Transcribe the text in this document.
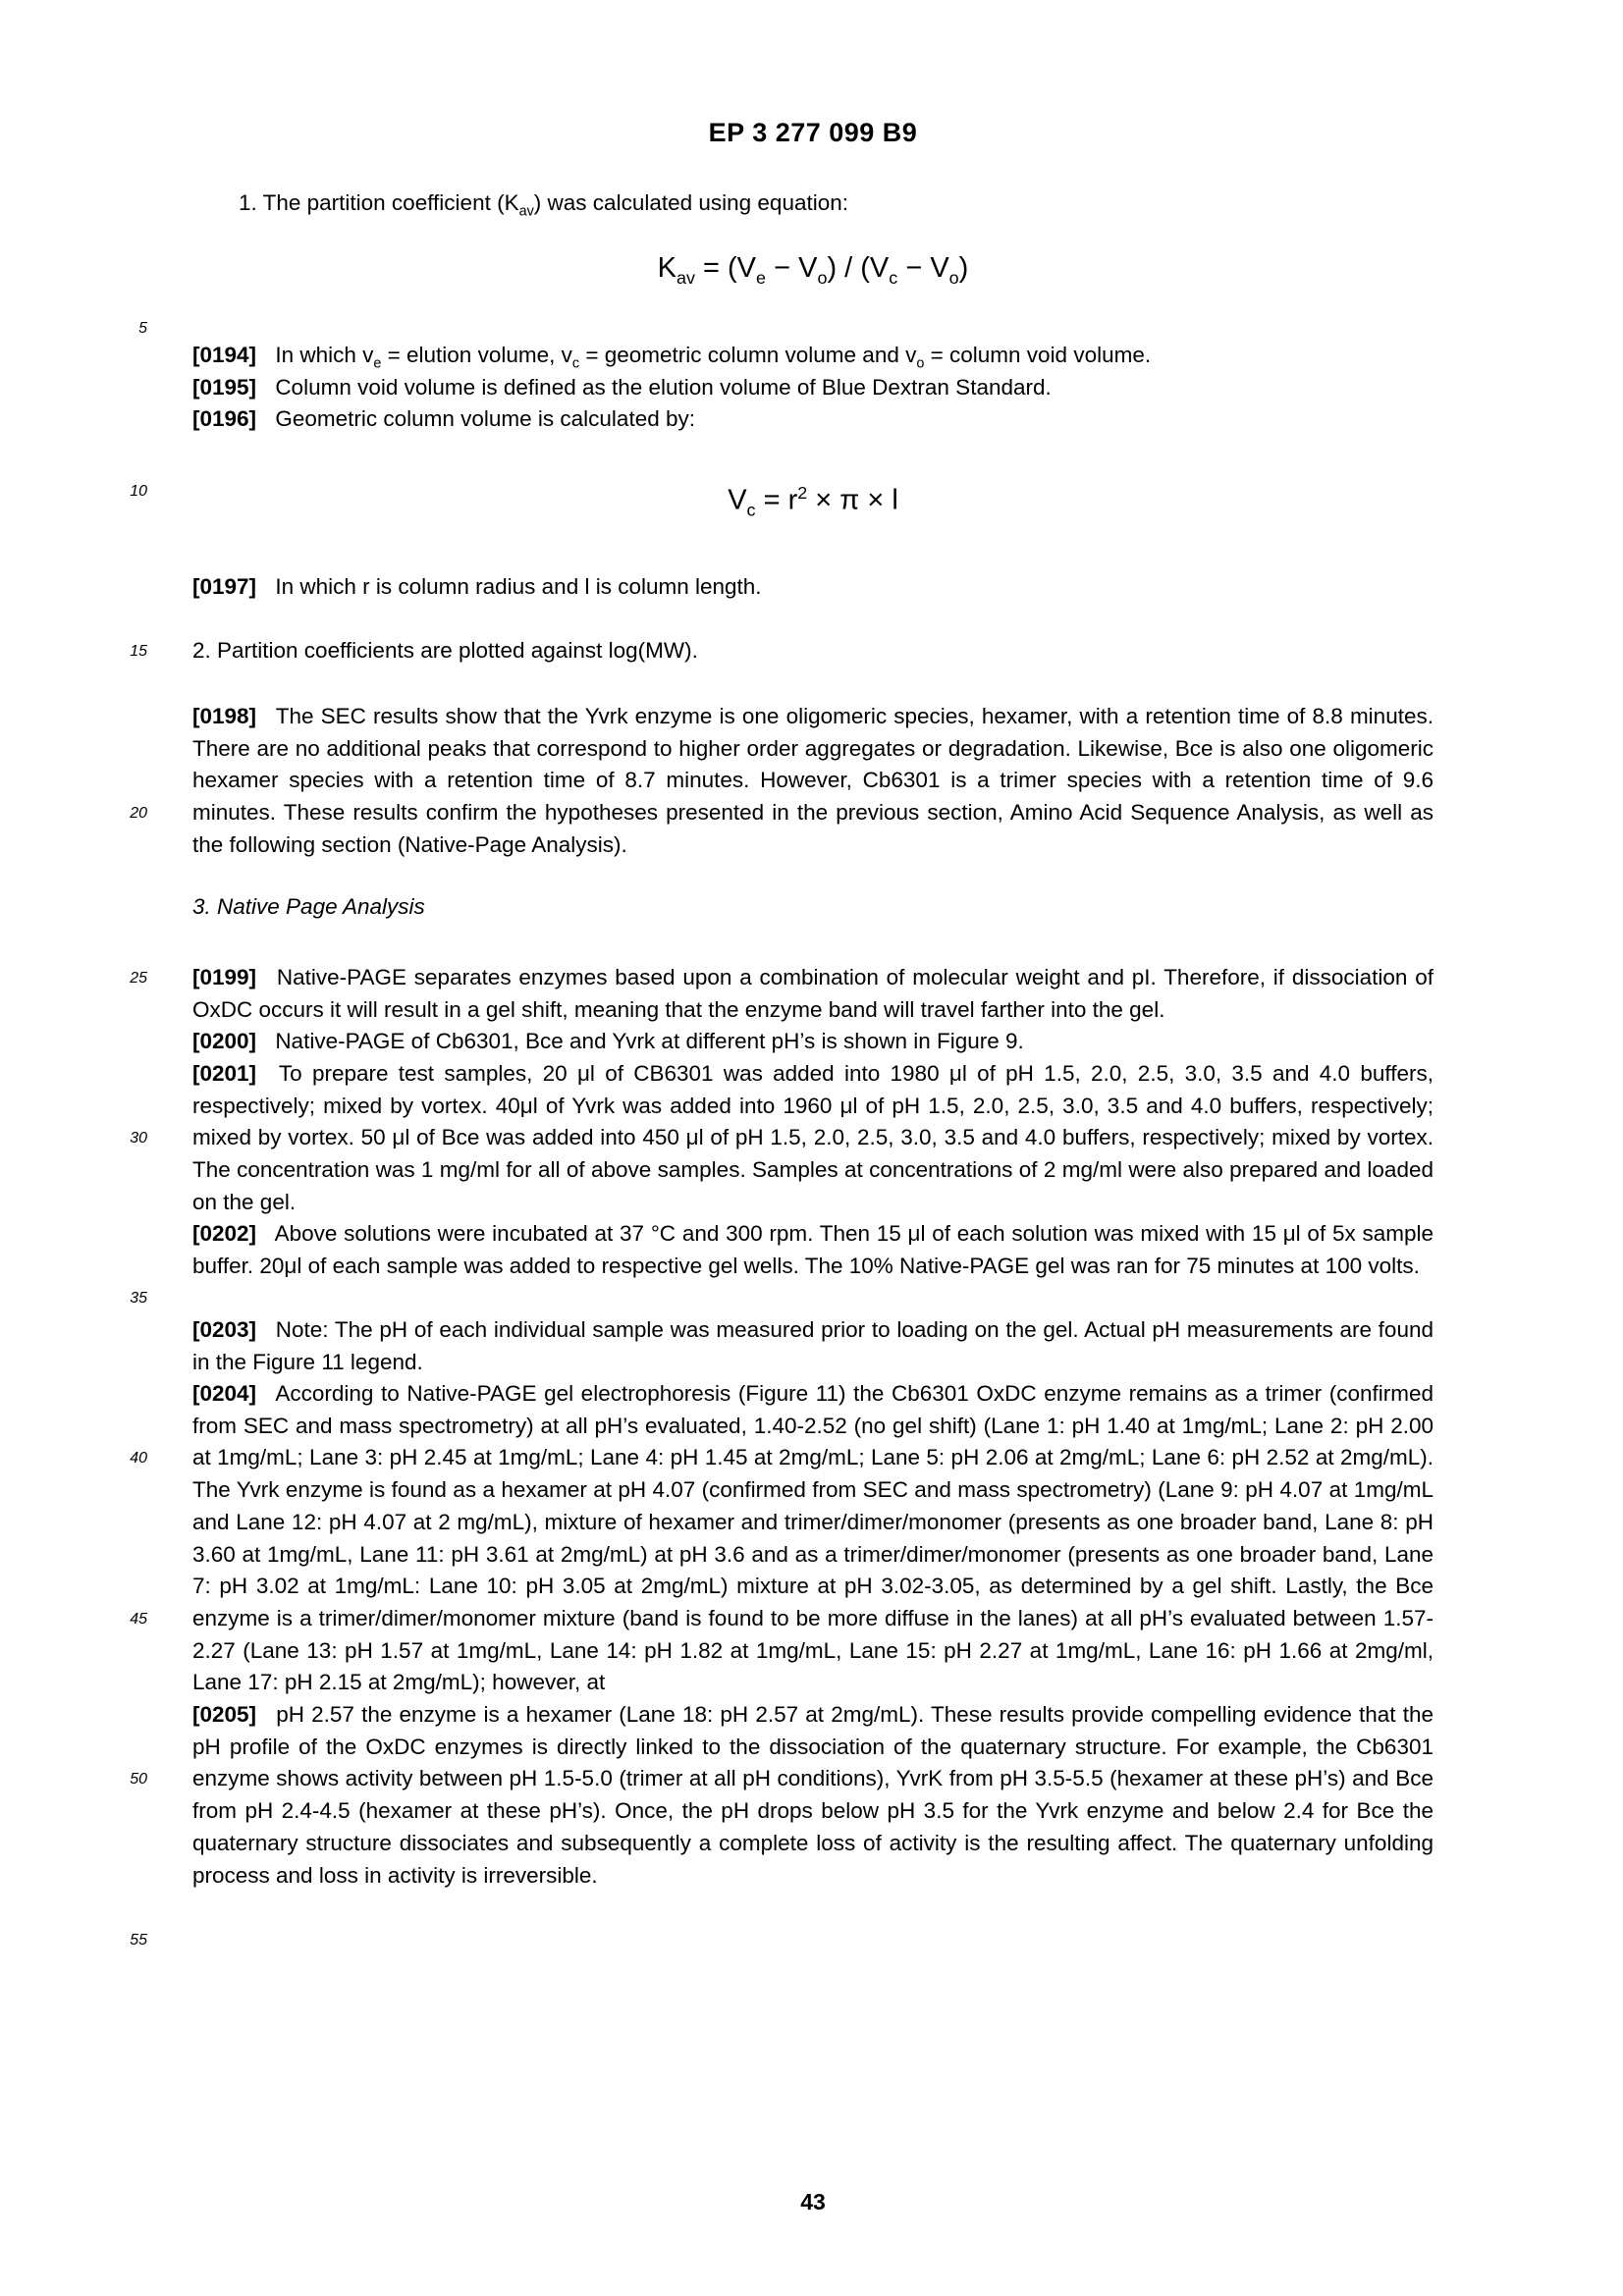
EP 3 277 099 B9
5
10
15
20
25
30
35
40
45
50
55
1. The partition coefficient $(K_{av})$ was calculated using equation:
$K_{av} = (V_e - V_o) / (V_c - V_o)$

[0194] In which $v_e$ = elution volume, $v_c$ = geometric column volume and $v_o$ = column void volume.

[0195] Column void volume is defined as the elution volume of Blue Dextran Standard.

[0196] Geometric column volume is calculated by:

$V_c = r^2 \times \pi \times l$

[0197] In which r is column radius and l is column length.

2. Partition coefficients are plotted against log(MW).

[0198] The SEC results show that the Yvrk enzyme is one oligomeric species, hexamer, with a retention time of 8.8 minutes. There are no additional peaks that correspond to higher order aggregates or degradation. Likewise, Bce is also one oligomeric hexamer species with a retention time of 8.7 minutes. However, Cb6301 is a trimer species with a retention time of 9.6 minutes. These results confirm the hypotheses presented in the previous section, Amino Acid Sequence Analysis, as well as the following section (Native-Page Analysis).

3. Native Page Analysis

[0199] Native-PAGE separates enzymes based upon a combination of molecular weight and pI. Therefore, if dissociation of OxDC occurs it will result in a gel shift, meaning that the enzyme band will travel farther into the gel.

[0200] Native-PAGE of Cb6301, Bce and Yvrk at different pH’s is shown in Figure 9.

[0201] To prepare test samples, 20 μl of CB6301 was added into 1980 μl of pH 1.5, 2.0, 2.5, 3.0, 3.5 and 4.0 buffers, respectively; mixed by vortex. 40μl of Yvrk was added into 1960 μl of pH 1.5, 2.0, 2.5, 3.0, 3.5 and 4.0 buffers, respectively; mixed by vortex. 50 μl of Bce was added into 450 μl of pH 1.5, 2.0, 2.5, 3.0, 3.5 and 4.0 buffers, respectively; mixed by vortex. The concentration was 1 mg/ml for all of above samples. Samples at concentrations of 2 mg/ml were also prepared and loaded on the gel.

[0202] Above solutions were incubated at 37 °C and 300 rpm. Then 15 μl of each solution was mixed with 15 μl of 5x sample buffer. 20μl of each sample was added to respective gel wells. The 10% Native-PAGE gel was ran for 75 minutes at 100 volts.

[0203] Note: The pH of each individual sample was measured prior to loading on the gel. Actual pH measurements are found in the Figure 11 legend.

[0204] According to Native-PAGE gel electrophoresis (Figure 11) the Cb6301 OxDC enzyme remains as a trimer (confirmed from SEC and mass spectrometry) at all pH’s evaluated, 1.40-2.52 (no gel shift) (Lane 1: pH 1.40 at 1mg/mL; Lane 2: pH 2.00 at 1mg/mL; Lane 3: pH 2.45 at 1mg/mL; Lane 4: pH 1.45 at 2mg/mL; Lane 5: pH 2.06 at 2mg/mL; Lane 6: pH 2.52 at 2mg/mL). The Yvrk enzyme is found as a hexamer at pH 4.07 (confirmed from SEC and mass spectrometry) (Lane 9: pH 4.07 at 1mg/mL and Lane 12: pH 4.07 at 2 mg/mL), mixture of hexamer and trimer/dimer/monomer (presents as one broader band, Lane 8: pH 3.60 at 1mg/mL, Lane 11: pH 3.61 at 2mg/mL) at pH 3.6 and as a trimer/dimer/monomer (presents as one broader band, Lane 7: pH 3.02 at 1mg/mL: Lane 10: pH 3.05 at 2mg/mL) mixture at pH 3.02-3.05, as determined by a gel shift. Lastly, the Bce enzyme is a trimer/dimer/monomer mixture (band is found to be more diffuse in the lanes) at all pH’s evaluated between 1.57-2.27 (Lane 13: pH 1.57 at 1mg/mL, Lane 14: pH 1.82 at 1mg/mL, Lane 15: pH 2.27 at 1mg/mL, Lane 16: pH 1.66 at 2mg/ml, Lane 17: pH 2.15 at 2mg/mL); however, at

[0205] pH 2.57 the enzyme is a hexamer (Lane 18: pH 2.57 at 2mg/mL). These results provide compelling evidence that the pH profile of the OxDC enzymes is directly linked to the dissociation of the quaternary structure. For example, the Cb6301 enzyme shows activity between pH 1.5-5.0 (trimer at all pH conditions), YvrK from pH 3.5-5.5 (hexamer at these pH’s) and Bce from pH 2.4-4.5 (hexamer at these pH’s). Once, the pH drops below pH 3.5 for the Yvrk enzyme and below 2.4 for Bce the quaternary structure dissociates and subsequently a complete loss of activity is the resulting affect. The quaternary unfolding process and loss in activity is irreversible.

43
